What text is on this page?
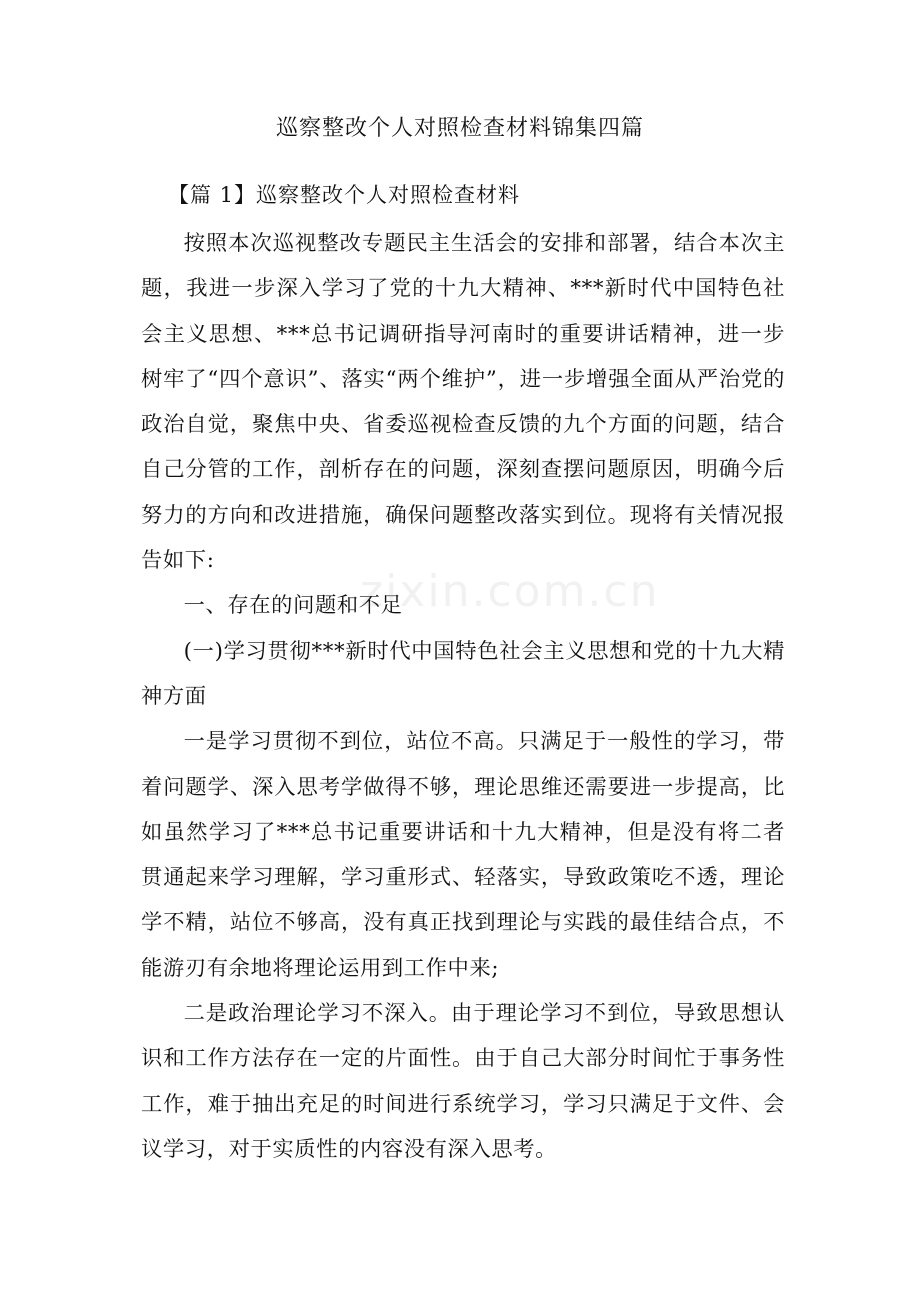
巡察整改个人对照检查材料锦集四篇
【篇 1】巡察整改个人对照检查材料

按照本次巡视整改专题民主生活会的安排和部署，结合本次主题，我进一步深入学习了党的十九大精神、***新时代中国特色社会主义思想、***总书记调研指导河南时的重要讲话精神，进一步树牢了“四个意识”、落实“两个维护”，进一步增强全面从严治党的政治自觉，聚焦中央、省委巡视检查反馈的九个方面的问题，结合自己分管的工作，剖析存在的问题，深刻查摆问题原因，明确今后努力的方向和改进措施，确保问题整改落实到位。现将有关情况报告如下:

一、存在的问题和不足

(一)学习贯彻***新时代中国特色社会主义思想和党的十九大精神方面

一是学习贯彻不到位，站位不高。只满足于一般性的学习，带着问题学、深入思考学做得不够，理论思维还需要进一步提高，比如虽然学习了***总书记重要讲话和十九大精神，但是没有将二者贯通起来学习理解，学习重形式、轻落实，导致政策吃不透，理论学不精，站位不够高，没有真正找到理论与实践的最佳结合点，不能游刃有余地将理论运用到工作中来;

二是政治理论学习不深入。由于理论学习不到位，导致思想认识和工作方法存在一定的片面性。由于自己大部分时间忙于事务性工作，难于抽出充足的时间进行系统学习，学习只满足于文件、会议学习，对于实质性的内容没有深入思考。

zixin.com.cn
